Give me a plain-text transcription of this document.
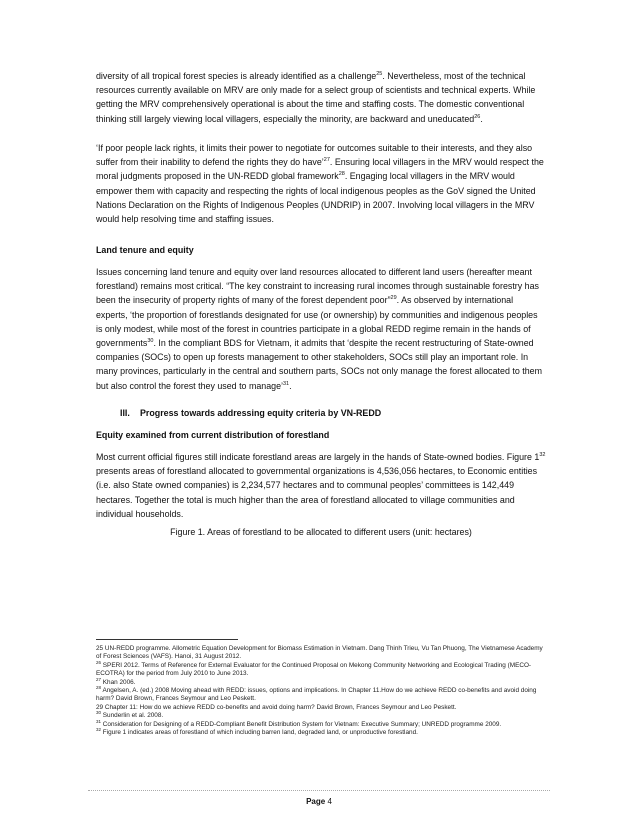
diversity of all tropical forest species is already identified as a challenge$^{25}$. Nevertheless, most of the technical resources currently available on MRV are only made for a select group of scientists and technical experts. While getting the MRV comprehensively operational is about the time and staffing costs. The domestic conventional thinking still largely viewing local villagers, especially the minority, are backward and uneducated$^{26}$.

‘If poor people lack rights, it limits their power to negotiate for outcomes suitable to their interests, and they also suffer from their inability to defend the rights they do have’$^{27}$. Ensuring local villagers in the MRV would respect the moral judgments proposed in the UN-REDD global framework$^{28}$. Engaging local villagers in the MRV would empower them with capacity and respecting the rights of local indigenous peoples as the GoV signed the United Nations Declaration on the Rights of Indigenous Peoples (UNDRIP) in 2007. Involving local villagers in the MRV would help resolving time and staffing issues.

Land tenure and equity

Issues concerning land tenure and equity over land resources allocated to different land users (hereafter meant forestland) remains most critical. “The key constraint to increasing rural incomes through sustainable forestry has been the insecurity of property rights of many of the forest dependent poor”$^{29}$. As observed by international experts, ‘the proportion of forestlands designated for use (or ownership) by communities and indigenous peoples is only modest, while most of the forest in countries participate in a global REDD regime remain in the hands of governments$^{30}$. In the compliant BDS for Vietnam, it admits that ‘despite the recent restructuring of State-owned companies (SOCs) to open up forests management to other stakeholders, SOCs still play an important role. In many provinces, particularly in the central and southern parts, SOCs not only manage the forest allocated to them but also control the forest they used to manage’$^{31}$.

III. Progress towards addressing equity criteria by VN-REDD
Equity examined from current distribution of forestland

Most current official figures still indicate forestland areas are largely in the hands of State-owned bodies. Figure $1^{32}$ presents areas of forestland allocated to governmental organizations is 4,536,056 hectares, to Economic entities (i.e. also State owned companies) is 2,234,577 hectares and to communal peoples’ committees is 142,449 hectares. Together the total is much higher than the area of forestland allocated to village communities and individual households.

Figure 1. Areas of forestland to be allocated to different users (unit: hectares)

25 UN-REDD programme. Allometric Equation Development for Biomass Estimation in Vietnam. Dang Thinh Trieu, Vu Tan Phuong, The Vietnamese Academy of Forest Sciences (VAFS). Hanoi, 31 August 2012.

$^{26}$ SPERI 2012. Terms of Reference for External Evaluator for the Continued Proposal on Mekong Community Networking and Ecological Trading (MECO-ECOTRA) for the period from July 2010 to June 2013.

$^{27}$ Khan 2006.

$^{28}$ Angelsen, A. (ed.) 2008 Moving ahead with REDD: issues, options and implications. In Chapter 11.How do we achieve REDD co-benefits and avoid doing harm? David Brown, Frances Seymour and Leo Peskett.

29 Chapter 11: How do we achieve REDD co-benefits and avoid doing harm? David Brown, Frances Seymour and Leo Peskett.

$^{30}$ Sunderlin et al. 2008.

$^{31}$ Consideration for Designing of a REDD-Compliant Benefit Distribution System for Vietnam: Executive Summary; UNREDD programme 2009.

$^{32}$ Figure 1 indicates areas of forestland of which including barren land, degraded land, or unproductive forestland.

Page 4
